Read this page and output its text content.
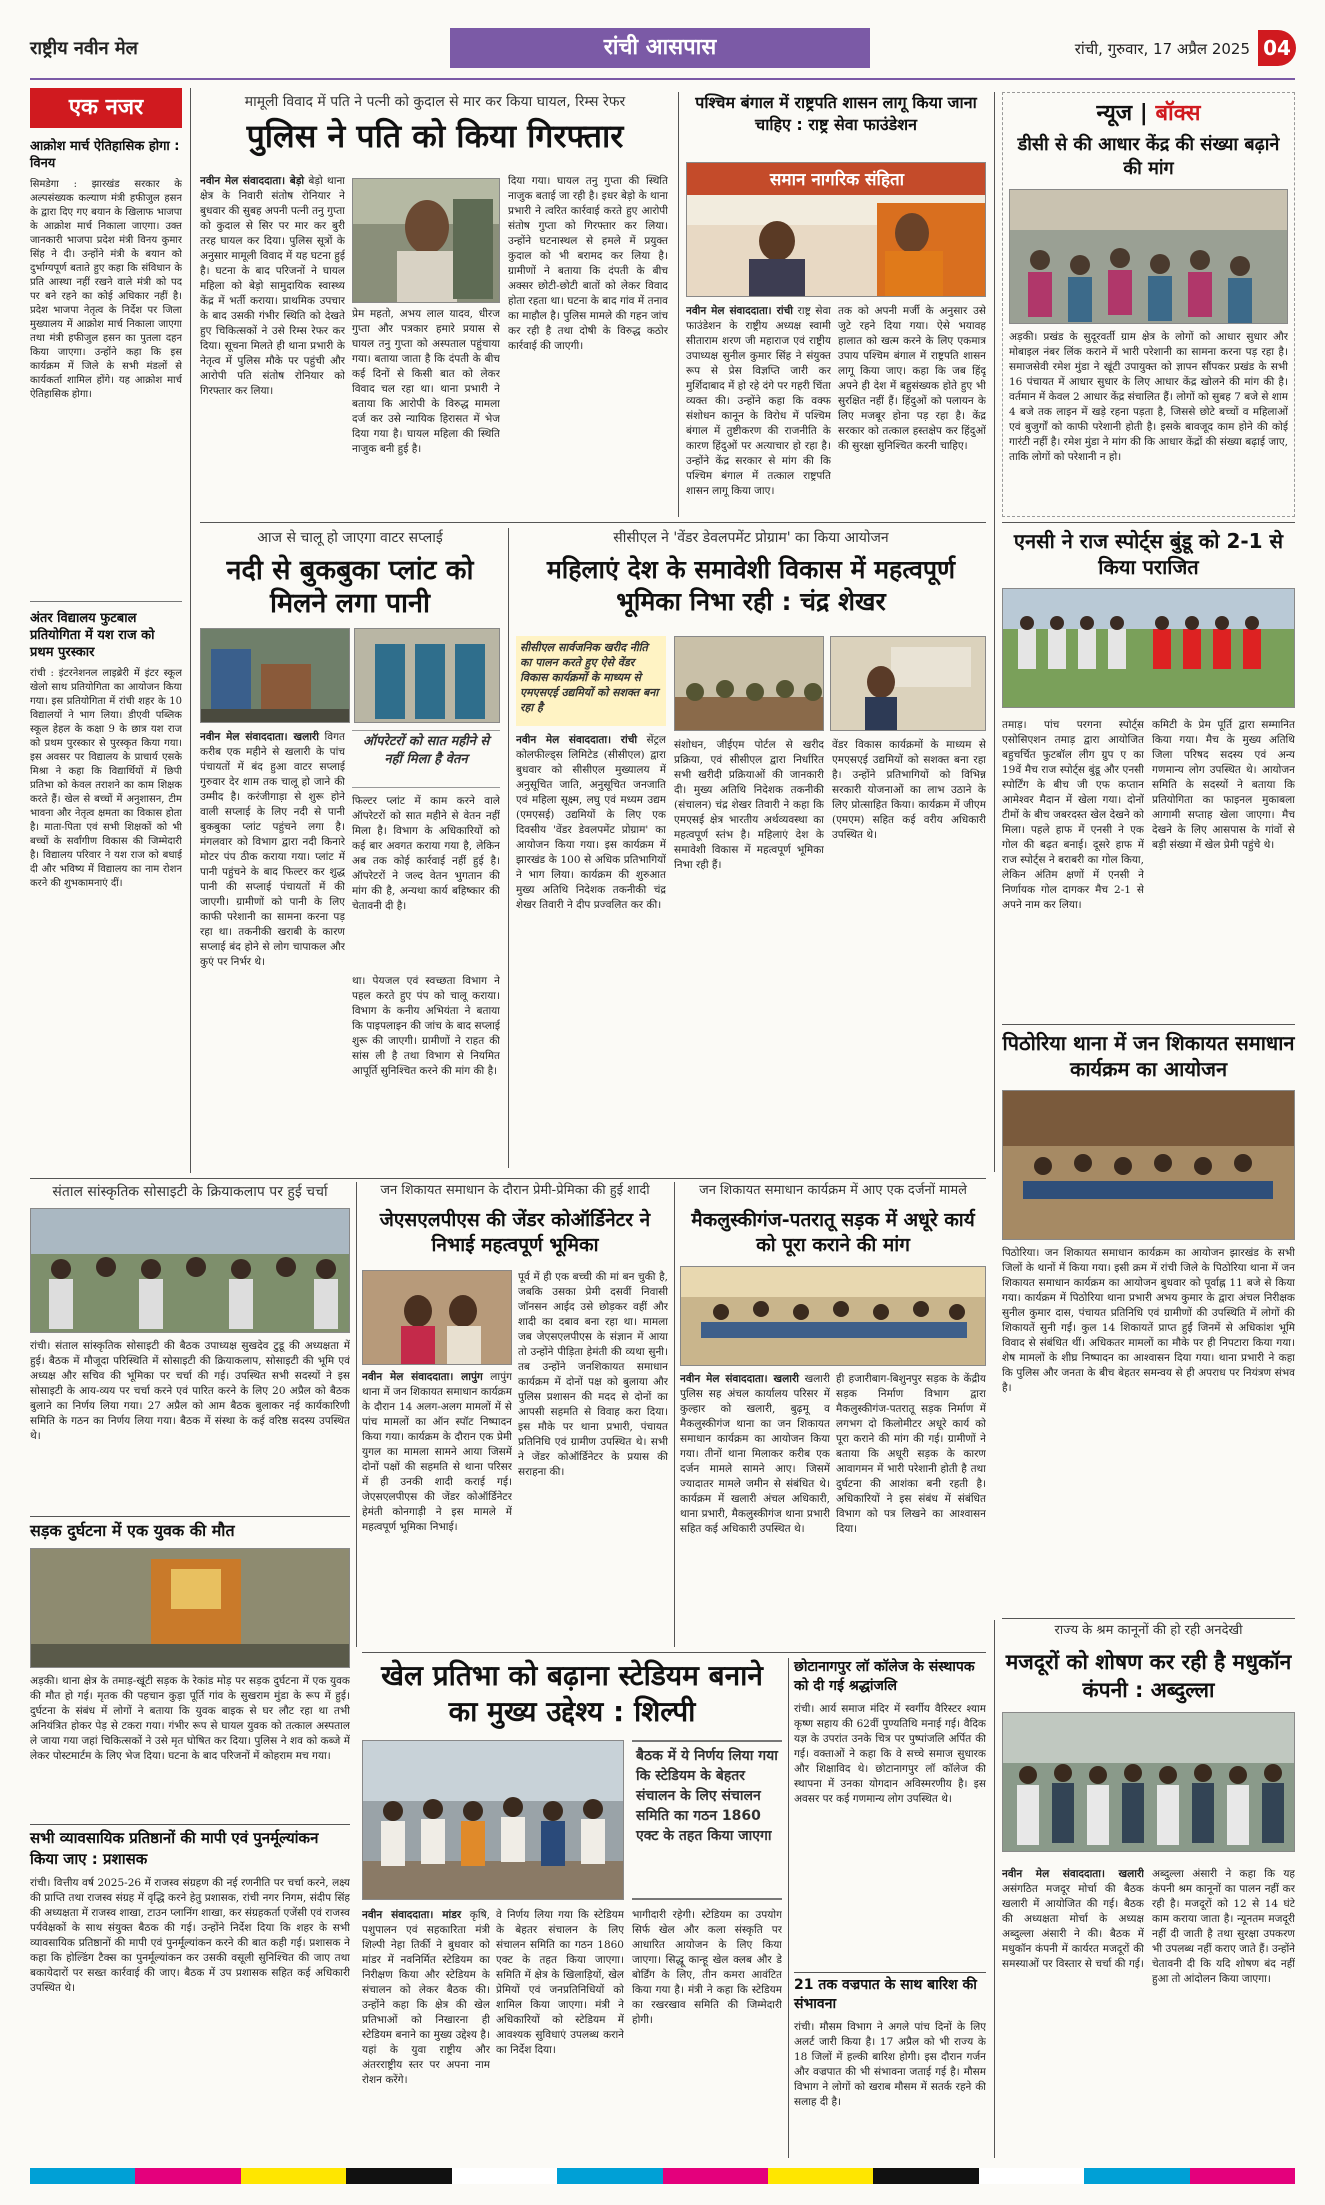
राष्ट्रीय नवीन मेल	रांची आसपास	रांची, गुरुवार, 17 अप्रैल 2025 04
एक नजर
आक्रोश मार्च ऐतिहासिक होगा : विनय
सिमडेगा : झारखंड सरकार के अल्पसंख्यक कल्याण मंत्री हफीजुल हसन के द्वारा दिए गए बयान के खिलाफ भाजपा के आक्रोश मार्च निकाला जाएगा। उक्त जानकारी भाजपा प्रदेश मंत्री विनय कुमार सिंह ने दी। उन्होंने मंत्री के बयान को दुर्भाग्यपूर्ण बताते हुए कहा कि संविधान के प्रति आस्था नहीं रखने वाले मंत्री को पद पर बने रहने का कोई अधिकार नहीं है। प्रदेश भाजपा नेतृत्व के निर्देश पर जिला मुख्यालय में आक्रोश मार्च निकाला जाएगा तथा मंत्री हफीजुल हसन का पुतला दहन किया जाएगा। उन्होंने कहा कि इस कार्यक्रम में जिले के सभी मंडलों से कार्यकर्ता शामिल होंगे। यह आक्रोश मार्च ऐतिहासिक होगा।
अंतर विद्यालय फुटबाल प्रतियोगिता में यश राज को प्रथम पुरस्कार
रांची : इंटरनेशनल लाइब्रेरी में इंटर स्कूल खेलो साथ प्रतियोगिता का आयोजन किया गया। इस प्रतियोगिता में रांची शहर के 10 विद्यालयों ने भाग लिया। डीएवी पब्लिक स्कूल हेहल के कक्षा 9 के छात्र यश राज को प्रथम पुरस्कार से पुरस्कृत किया गया। इस अवसर पर विद्यालय के प्राचार्य एसके मिश्रा ने कहा कि विद्यार्थियों में छिपी प्रतिभा को केवल तराशने का काम शिक्षक करते हैं। खेल से बच्चों में अनुशासन, टीम भावना और नेतृत्व क्षमता का विकास होता है। माता-पिता एवं सभी शिक्षकों को भी बच्चों के सर्वांगीण विकास की जिम्मेदारी है। विद्यालय परिवार ने यश राज को बधाई दी और भविष्य में विद्यालय का नाम रोशन करने की शुभकामनाएं दीं।
मामूली विवाद में पति ने पत्नी को कुदाल से मार कर किया घायल, रिम्स रेफर
पुलिस ने पति को किया गिरफ्तार
नवीन मेल संवाददाता। बेड़ो बेड़ो थाना क्षेत्र के निवारी संतोष रोनियार ने बुधवार की सुबह अपनी पत्नी तनु गुप्ता को कुदाल से सिर पर मार कर बुरी तरह घायल कर दिया। पुलिस सूत्रों के अनुसार मामूली विवाद में यह घटना हुई है। घटना के बाद परिजनों ने घायल महिला को बेड़ो सामुदायिक स्वास्थ्य केंद्र में भर्ती कराया। प्राथमिक उपचार के बाद उसकी गंभीर स्थिति को देखते हुए चिकित्सकों ने उसे रिम्स रेफर कर दिया। सूचना मिलते ही थाना प्रभारी के नेतृत्व में पुलिस मौके पर पहुंची और आरोपी पति संतोष रोनियार को गिरफ्तार कर लिया।
प्रेम महतो, अभय लाल यादव, धीरज गुप्ता और पत्रकार हमारे प्रयास से घायल तनु गुप्ता को अस्पताल पहुंचाया गया। बताया जाता है कि दंपती के बीच कई दिनों से किसी बात को लेकर विवाद चल रहा था। थाना प्रभारी ने बताया कि आरोपी के विरुद्ध मामला दर्ज कर उसे न्यायिक हिरासत में भेज दिया गया है। घायल महिला की स्थिति नाजुक बनी हुई है।
दिया गया। घायल तनु गुप्ता की स्थिति नाजुक बताई जा रही है। इधर बेड़ो के थाना प्रभारी ने त्वरित कार्रवाई करते हुए आरोपी संतोष गुप्ता को गिरफ्तार कर लिया। उन्होंने घटनास्थल से हमले में प्रयुक्त कुदाल को भी बरामद कर लिया है। ग्रामीणों ने बताया कि दंपती के बीच अक्सर छोटी-छोटी बातों को लेकर विवाद होता रहता था। घटना के बाद गांव में तनाव का माहौल है। पुलिस मामले की गहन जांच कर रही है तथा दोषी के विरुद्ध कठोर कार्रवाई की जाएगी।
पश्चिम बंगाल में राष्ट्रपति शासन लागू किया जाना चाहिए : राष्ट्र सेवा फाउंडेशन
समान नागरिक संहिता
नवीन मेल संवाददाता। रांची राष्ट्र सेवा फाउंडेशन के राष्ट्रीय अध्यक्ष स्वामी सीताराम शरण जी महाराज एवं राष्ट्रीय उपाध्यक्ष सुनील कुमार सिंह ने संयुक्त रूप से प्रेस विज्ञप्ति जारी कर मुर्शिदाबाद में हो रहे दंगे पर गहरी चिंता व्यक्त की। उन्होंने कहा कि वक्फ संशोधन कानून के विरोध में पश्चिम बंगाल में तुष्टीकरण की राजनीति के कारण हिंदुओं पर अत्याचार हो रहा है। उन्होंने केंद्र सरकार से मांग की कि पश्चिम बंगाल में तत्काल राष्ट्रपति शासन लागू किया जाए।
तक को अपनी मर्जी के अनुसार उसे जुटे रहने दिया गया। ऐसे भयावह हालात को खत्म करने के लिए एकमात्र उपाय पश्चिम बंगाल में राष्ट्रपति शासन लागू किया जाए। कहा कि जब हिंदू अपने ही देश में बहुसंख्यक होते हुए भी सुरक्षित नहीं हैं। हिंदुओं को पलायन के लिए मजबूर होना पड़ रहा है। केंद्र सरकार को तत्काल हस्तक्षेप कर हिंदुओं की सुरक्षा सुनिश्चित करनी चाहिए।
न्यूज | बॉक्स
डीसी से की आधार केंद्र की संख्या बढ़ाने की मांग
अड़की। प्रखंड के सुदूरवर्ती ग्राम क्षेत्र के लोगों को आधार सुधार और मोबाइल नंबर लिंक कराने में भारी परेशानी का सामना करना पड़ रहा है। समाजसेवी रमेश मुंडा ने खूंटी उपायुक्त को ज्ञापन सौंपकर प्रखंड के सभी 16 पंचायत में आधार सुधार के लिए आधार केंद्र खोलने की मांग की है। वर्तमान में केवल 2 आधार केंद्र संचालित हैं। लोगों को सुबह 7 बजे से शाम 4 बजे तक लाइन में खड़े रहना पड़ता है, जिससे छोटे बच्चों व महिलाओं एवं बुजुर्गों को काफी परेशानी होती है। इसके बावजूद काम होने की कोई गारंटी नहीं है। रमेश मुंडा ने मांग की कि आधार केंद्रों की संख्या बढ़ाई जाए, ताकि लोगों को परेशानी न हो।
आज से चालू हो जाएगा वाटर सप्लाई
नदी से बुकबुका प्लांट को मिलने लगा पानी
नवीन मेल संवाददाता। खलारी विगत करीब एक महीने से खलारी के पांच पंचायतों में बंद हुआ वाटर सप्लाई गुरुवार देर शाम तक चालू हो जाने की उम्मीद है। करंजीगाड़ा से शुरू होने वाली सप्लाई के लिए नदी से पानी बुकबुका प्लांट पहुंचने लगा है। मंगलवार को विभाग द्वारा नदी किनारे मोटर पंप ठीक कराया गया। प्लांट में पानी पहुंचने के बाद फिल्टर कर शुद्ध पानी की सप्लाई पंचायतों में की जाएगी। ग्रामीणों को पानी के लिए काफी परेशानी का सामना करना पड़ रहा था। तकनीकी खराबी के कारण सप्लाई बंद होने से लोग चापाकल और कुएं पर निर्भर थे।
ऑपरेटरों को सात महीने से नहीं मिला है वेतन
फिल्टर प्लांट में काम करने वाले ऑपरेटरों को सात महीने से वेतन नहीं मिला है। विभाग के अधिकारियों को कई बार अवगत कराया गया है, लेकिन अब तक कोई कार्रवाई नहीं हुई है। ऑपरेटरों ने जल्द वेतन भुगतान की मांग की है, अन्यथा कार्य बहिष्कार की चेतावनी दी है।
था। पेयजल एवं स्वच्छता विभाग ने पहल करते हुए पंप को चालू कराया। विभाग के कनीय अभियंता ने बताया कि पाइपलाइन की जांच के बाद सप्लाई शुरू की जाएगी। ग्रामीणों ने राहत की सांस ली है तथा विभाग से नियमित आपूर्ति सुनिश्चित करने की मांग की है।
सीसीएल ने 'वेंडर डेवलपमेंट प्रोग्राम' का किया आयोजन
महिलाएं देश के समावेशी विकास में महत्वपूर्ण भूमिका निभा रही : चंद्र शेखर
सीसीएल सार्वजनिक खरीद नीति का पालन करते हुए ऐसे वेंडर विकास कार्यक्रमों के माध्यम से एमएसएई उद्यमियों को सशक्त बना रहा है
नवीन मेल संवाददाता। रांची सेंट्रल कोलफील्ड्स लिमिटेड (सीसीएल) द्वारा बुधवार को सीसीएल मुख्यालय में अनुसूचित जाति, अनुसूचित जनजाति एवं महिला सूक्ष्म, लघु एवं मध्यम उद्यम (एमएसई) उद्यमियों के लिए एक दिवसीय 'वेंडर डेवलपमेंट प्रोग्राम' का आयोजन किया गया। इस कार्यक्रम में झारखंड के 100 से अधिक प्रतिभागियों ने भाग लिया। कार्यक्रम की शुरुआत मुख्य अतिथि निदेशक तकनीकी चंद्र शेखर तिवारी ने दीप प्रज्वलित कर की।
संशोधन, जीईएम पोर्टल से खरीद प्रक्रिया, एवं सीसीएल द्वारा निर्धारित सभी खरीदी प्रक्रियाओं की जानकारी दी। मुख्य अतिथि निदेशक तकनीकी (संचालन) चंद्र शेखर तिवारी ने कहा कि एमएसई क्षेत्र भारतीय अर्थव्यवस्था का महत्वपूर्ण स्तंभ है। महिलाएं देश के समावेशी विकास में महत्वपूर्ण भूमिका निभा रही हैं।
वेंडर विकास कार्यक्रमों के माध्यम से एमएसएई उद्यमियों को सशक्त बना रहा है। उन्होंने प्रतिभागियों को विभिन्न सरकारी योजनाओं का लाभ उठाने के लिए प्रोत्साहित किया। कार्यक्रम में जीएम (एमएम) सहित कई वरीय अधिकारी उपस्थित थे।
एनसी ने राज स्पोर्ट्स बुंडू को 2-1 से किया पराजित
तमाड़। पांच परगना स्पोर्ट्स एसोसिएशन तमाड़ द्वारा आयोजित बहुचर्चित फुटबॉल लीग ग्रुप ए का 19वें मैच राज स्पोर्ट्स बुंडू और एनसी स्पोर्टिंग के बीच जी एफ कप्तान आमेश्वर मैदान में खेला गया। दोनों टीमों के बीच जबरदस्त खेल देखने को मिला। पहले हाफ में एनसी ने एक गोल की बढ़त बनाई। दूसरे हाफ में राज स्पोर्ट्स ने बराबरी का गोल किया, लेकिन अंतिम क्षणों में एनसी ने निर्णायक गोल दागकर मैच 2-1 से अपने नाम कर लिया।
कमिटी के प्रेम पूर्ति द्वारा सम्मानित किया गया। मैच के मुख्य अतिथि जिला परिषद सदस्य एवं अन्य गणमान्य लोग उपस्थित थे। आयोजन समिति के सदस्यों ने बताया कि प्रतियोगिता का फाइनल मुकाबला आगामी सप्ताह खेला जाएगा। मैच देखने के लिए आसपास के गांवों से बड़ी संख्या में खेल प्रेमी पहुंचे थे।
पिठोरिया थाना में जन शिकायत समाधान कार्यक्रम का आयोजन
पिठोरिया। जन शिकायत समाधान कार्यक्रम का आयोजन झारखंड के सभी जिलों के थानों में किया गया। इसी क्रम में रांची जिले के पिठोरिया थाना में जन शिकायत समाधान कार्यक्रम का आयोजन बुधवार को पूर्वाह्न 11 बजे से किया गया। कार्यक्रम में पिठोरिया थाना प्रभारी अभय कुमार के द्वारा अंचल निरीक्षक सुनील कुमार दास, पंचायत प्रतिनिधि एवं ग्रामीणों की उपस्थिति में लोगों की शिकायतें सुनी गईं। कुल 14 शिकायतें प्राप्त हुईं जिनमें से अधिकांश भूमि विवाद से संबंधित थीं। अधिकतर मामलों का मौके पर ही निपटारा किया गया। शेष मामलों के शीघ्र निष्पादन का आश्वासन दिया गया। थाना प्रभारी ने कहा कि पुलिस और जनता के बीच बेहतर समन्वय से ही अपराध पर नियंत्रण संभव है।
संताल सांस्कृतिक सोसाइटी के क्रियाकलाप पर हुई चर्चा
रांची। संताल सांस्कृतिक सोसाइटी की बैठक उपाध्यक्ष सुखदेव टुडू की अध्यक्षता में हुई। बैठक में मौजूदा परिस्थिति में सोसाइटी की क्रियाकलाप, सोसाइटी की भूमि एवं अध्यक्ष और सचिव की भूमिका पर चर्चा की गई। उपस्थित सभी सदस्यों ने इस सोसाइटी के आय-व्यय पर चर्चा करने एवं पारित करने के लिए 20 अप्रैल को बैठक बुलाने का निर्णय लिया गया। 27 अप्रैल को आम बैठक बुलाकर नई कार्यकारिणी समिति के गठन का निर्णय लिया गया। बैठक में संस्था के कई वरिष्ठ सदस्य उपस्थित थे।
सड़क दुर्घटना में एक युवक की मौत
अड़की। थाना क्षेत्र के तमाड़-खूंटी सड़क के रेकांड मोड़ पर सड़क दुर्घटना में एक युवक की मौत हो गई। मृतक की पहचान कुड़ा पूर्ति गांव के सुखराम मुंडा के रूप में हुई। दुर्घटना के संबंध में लोगों ने बताया कि युवक बाइक से घर लौट रहा था तभी अनियंत्रित होकर पेड़ से टकरा गया। गंभीर रूप से घायल युवक को तत्काल अस्पताल ले जाया गया जहां चिकित्सकों ने उसे मृत घोषित कर दिया। पुलिस ने शव को कब्जे में लेकर पोस्टमार्टम के लिए भेज दिया। घटना के बाद परिजनों में कोहराम मच गया।
सभी व्यावसायिक प्रतिष्ठानों की मापी एवं पुनर्मूल्यांकन किया जाए : प्रशासक
रांची। वित्तीय वर्ष 2025-26 में राजस्व संग्रहण की नई रणनीति पर चर्चा करने, लक्ष्य की प्राप्ति तथा राजस्व संग्रह में वृद्धि करने हेतु प्रशासक, रांची नगर निगम, संदीप सिंह की अध्यक्षता में राजस्व शाखा, टाउन प्लानिंग शाखा, कर संग्रहकर्ता एजेंसी एवं राजस्व पर्यवेक्षकों के साथ संयुक्त बैठक की गई। उन्होंने निर्देश दिया कि शहर के सभी व्यावसायिक प्रतिष्ठानों की मापी एवं पुनर्मूल्यांकन करने की बात कही गई। प्रशासक ने कहा कि होल्डिंग टैक्स का पुनर्मूल्यांकन कर उसकी वसूली सुनिश्चित की जाए तथा बकायेदारों पर सख्त कार्रवाई की जाए। बैठक में उप प्रशासक सहित कई अधिकारी उपस्थित थे।
जन शिकायत समाधान के दौरान प्रेमी-प्रेमिका की हुई शादी
जेएसएलपीएस की जेंडर कोऑर्डिनेटर ने निभाई महत्वपूर्ण भूमिका
नवीन मेल संवाददाता। लापुंग लापुंग थाना में जन शिकायत समाधान कार्यक्रम के दौरान 14 अलग-अलग मामलों में से पांच मामलों का ऑन स्पॉट निष्पादन किया गया। कार्यक्रम के दौरान एक प्रेमी युगल का मामला सामने आया जिसमें दोनों पक्षों की सहमति से थाना परिसर में ही उनकी शादी कराई गई। जेएसएलपीएस की जेंडर कोऑर्डिनेटर हेमंती कोनगाड़ी ने इस मामले में महत्वपूर्ण भूमिका निभाई।
पूर्व में ही एक बच्ची की मां बन चुकी है, जबकि उसका प्रेमी दसवीं निवासी जॉनसन आईद उसे छोड़कर वहीं और शादी का दबाव बना रहा था। मामला जब जेएसएलपीएस के संज्ञान में आया तो उन्होंने पीड़िता हेमंती की व्यथा सुनी। तब उन्होंने जनशिकायत समाधान कार्यक्रम में दोनों पक्ष को बुलाया और पुलिस प्रशासन की मदद से दोनों का आपसी सहमति से विवाह करा दिया। इस मौके पर थाना प्रभारी, पंचायत प्रतिनिधि एवं ग्रामीण उपस्थित थे। सभी ने जेंडर कोऑर्डिनेटर के प्रयास की सराहना की।
जन शिकायत समाधान कार्यक्रम में आए एक दर्जनों मामले
मैकलुस्कीगंज-पतरातू सड़क में अधूरे कार्य को पूरा कराने की मांग
नवीन मेल संवाददाता। खलारी खलारी पुलिस सह अंचल कार्यालय परिसर में कुल्हार को खलारी, बुढ़मू व मैकलुस्कीगंज थाना का जन शिकायत समाधान कार्यक्रम का आयोजन किया गया। तीनों थाना मिलाकर करीब एक दर्जन मामले सामने आए। जिसमें ज्यादातर मामले जमीन से संबंधित थे। कार्यक्रम में खलारी अंचल अधिकारी, थाना प्रभारी, मैकलुस्कीगंज थाना प्रभारी सहित कई अधिकारी उपस्थित थे।
ही हजारीबाग-बिशुनपुर सड़क के केंद्रीय सड़क निर्माण विभाग द्वारा मैकलुस्कीगंज-पतरातू सड़क निर्माण में लगभग दो किलोमीटर अधूरे कार्य को पूरा कराने की मांग की गई। ग्रामीणों ने बताया कि अधूरी सड़क के कारण आवागमन में भारी परेशानी होती है तथा दुर्घटना की आशंका बनी रहती है। अधिकारियों ने इस संबंध में संबंधित विभाग को पत्र लिखने का आश्वासन दिया।
खेल प्रतिभा को बढ़ाना स्टेडियम बनाने का मुख्य उद्देश्य : शिल्पी
बैठक में ये निर्णय लिया गया कि स्टेडियम के बेहतर संचालन के लिए संचालन समिति का गठन 1860 एक्ट के तहत किया जाएगा
नवीन संवाददाता। मांडर कृषि, पशुपालन एवं सहकारिता मंत्री शिल्पी नेहा तिर्की ने बुधवार को मांडर में नवनिर्मित स्टेडियम का निरीक्षण किया और स्टेडियम के संचालन को लेकर बैठक की। उन्होंने कहा कि क्षेत्र की खेल प्रतिभाओं को निखारना ही स्टेडियम बनाने का मुख्य उद्देश्य है। यहां के युवा राष्ट्रीय और अंतरराष्ट्रीय स्तर पर अपना नाम रोशन करेंगे।
वे निर्णय लिया गया कि स्टेडियम के बेहतर संचालन के लिए संचालन समिति का गठन 1860 एक्ट के तहत किया जाएगा। समिति में क्षेत्र के खिलाड़ियों, खेल प्रेमियों एवं जनप्रतिनिधियों को शामिल किया जाएगा। मंत्री ने अधिकारियों को स्टेडियम में आवश्यक सुविधाएं उपलब्ध कराने का निर्देश दिया।
भागीदारी रहेगी। स्टेडियम का उपयोग सिर्फ खेल और कला संस्कृति पर आधारित आयोजन के लिए किया जाएगा। सिद्धू कान्हू खेल क्लब और डे बोर्डिंग के लिए, तीन कमरा आवंटित किया गया है। मंत्री ने कहा कि स्टेडियम का रखरखाव समिति की जिम्मेदारी होगी।
छोटानागपुर लॉ कॉलेज के संस्थापक को दी गई श्रद्धांजलि
रांची। आर्य समाज मंदिर में स्वर्गीय वैरिस्टर श्याम कृष्ण सहाय की 62वीं पुण्यतिथि मनाई गई। वैदिक यज्ञ के उपरांत उनके चित्र पर पुष्पांजलि अर्पित की गई। वक्ताओं ने कहा कि वे सच्चे समाज सुधारक और शिक्षाविद थे। छोटानागपुर लॉ कॉलेज की स्थापना में उनका योगदान अविस्मरणीय है। इस अवसर पर कई गणमान्य लोग उपस्थित थे।
21 तक वज्रपात के साथ बारिश की संभावना
रांची। मौसम विभाग ने अगले पांच दिनों के लिए अलर्ट जारी किया है। 17 अप्रैल को भी राज्य के 18 जिलों में हल्की बारिश होगी। इस दौरान गर्जन और वज्रपात की भी संभावना जताई गई है। मौसम विभाग ने लोगों को खराब मौसम में सतर्क रहने की सलाह दी है।
राज्य के श्रम कानूनों की हो रही अनदेखी
मजदूरों को शोषण कर रही है मधुकॉन कंपनी : अब्दुल्ला
नवीन मेल संवाददाता। खलारी असंगठित मजदूर मोर्चा की बैठक खलारी में आयोजित की गई। बैठक की अध्यक्षता मोर्चा के अध्यक्ष अब्दुल्ला अंसारी ने की। बैठक में मधुकॉन कंपनी में कार्यरत मजदूरों की समस्याओं पर विस्तार से चर्चा की गई।
अब्दुल्ला अंसारी ने कहा कि यह कंपनी श्रम कानूनों का पालन नहीं कर रही है। मजदूरों को 12 से 14 घंटे काम कराया जाता है। न्यूनतम मजदूरी नहीं दी जाती है तथा सुरक्षा उपकरण भी उपलब्ध नहीं कराए जाते हैं। उन्होंने चेतावनी दी कि यदि शोषण बंद नहीं हुआ तो आंदोलन किया जाएगा।
